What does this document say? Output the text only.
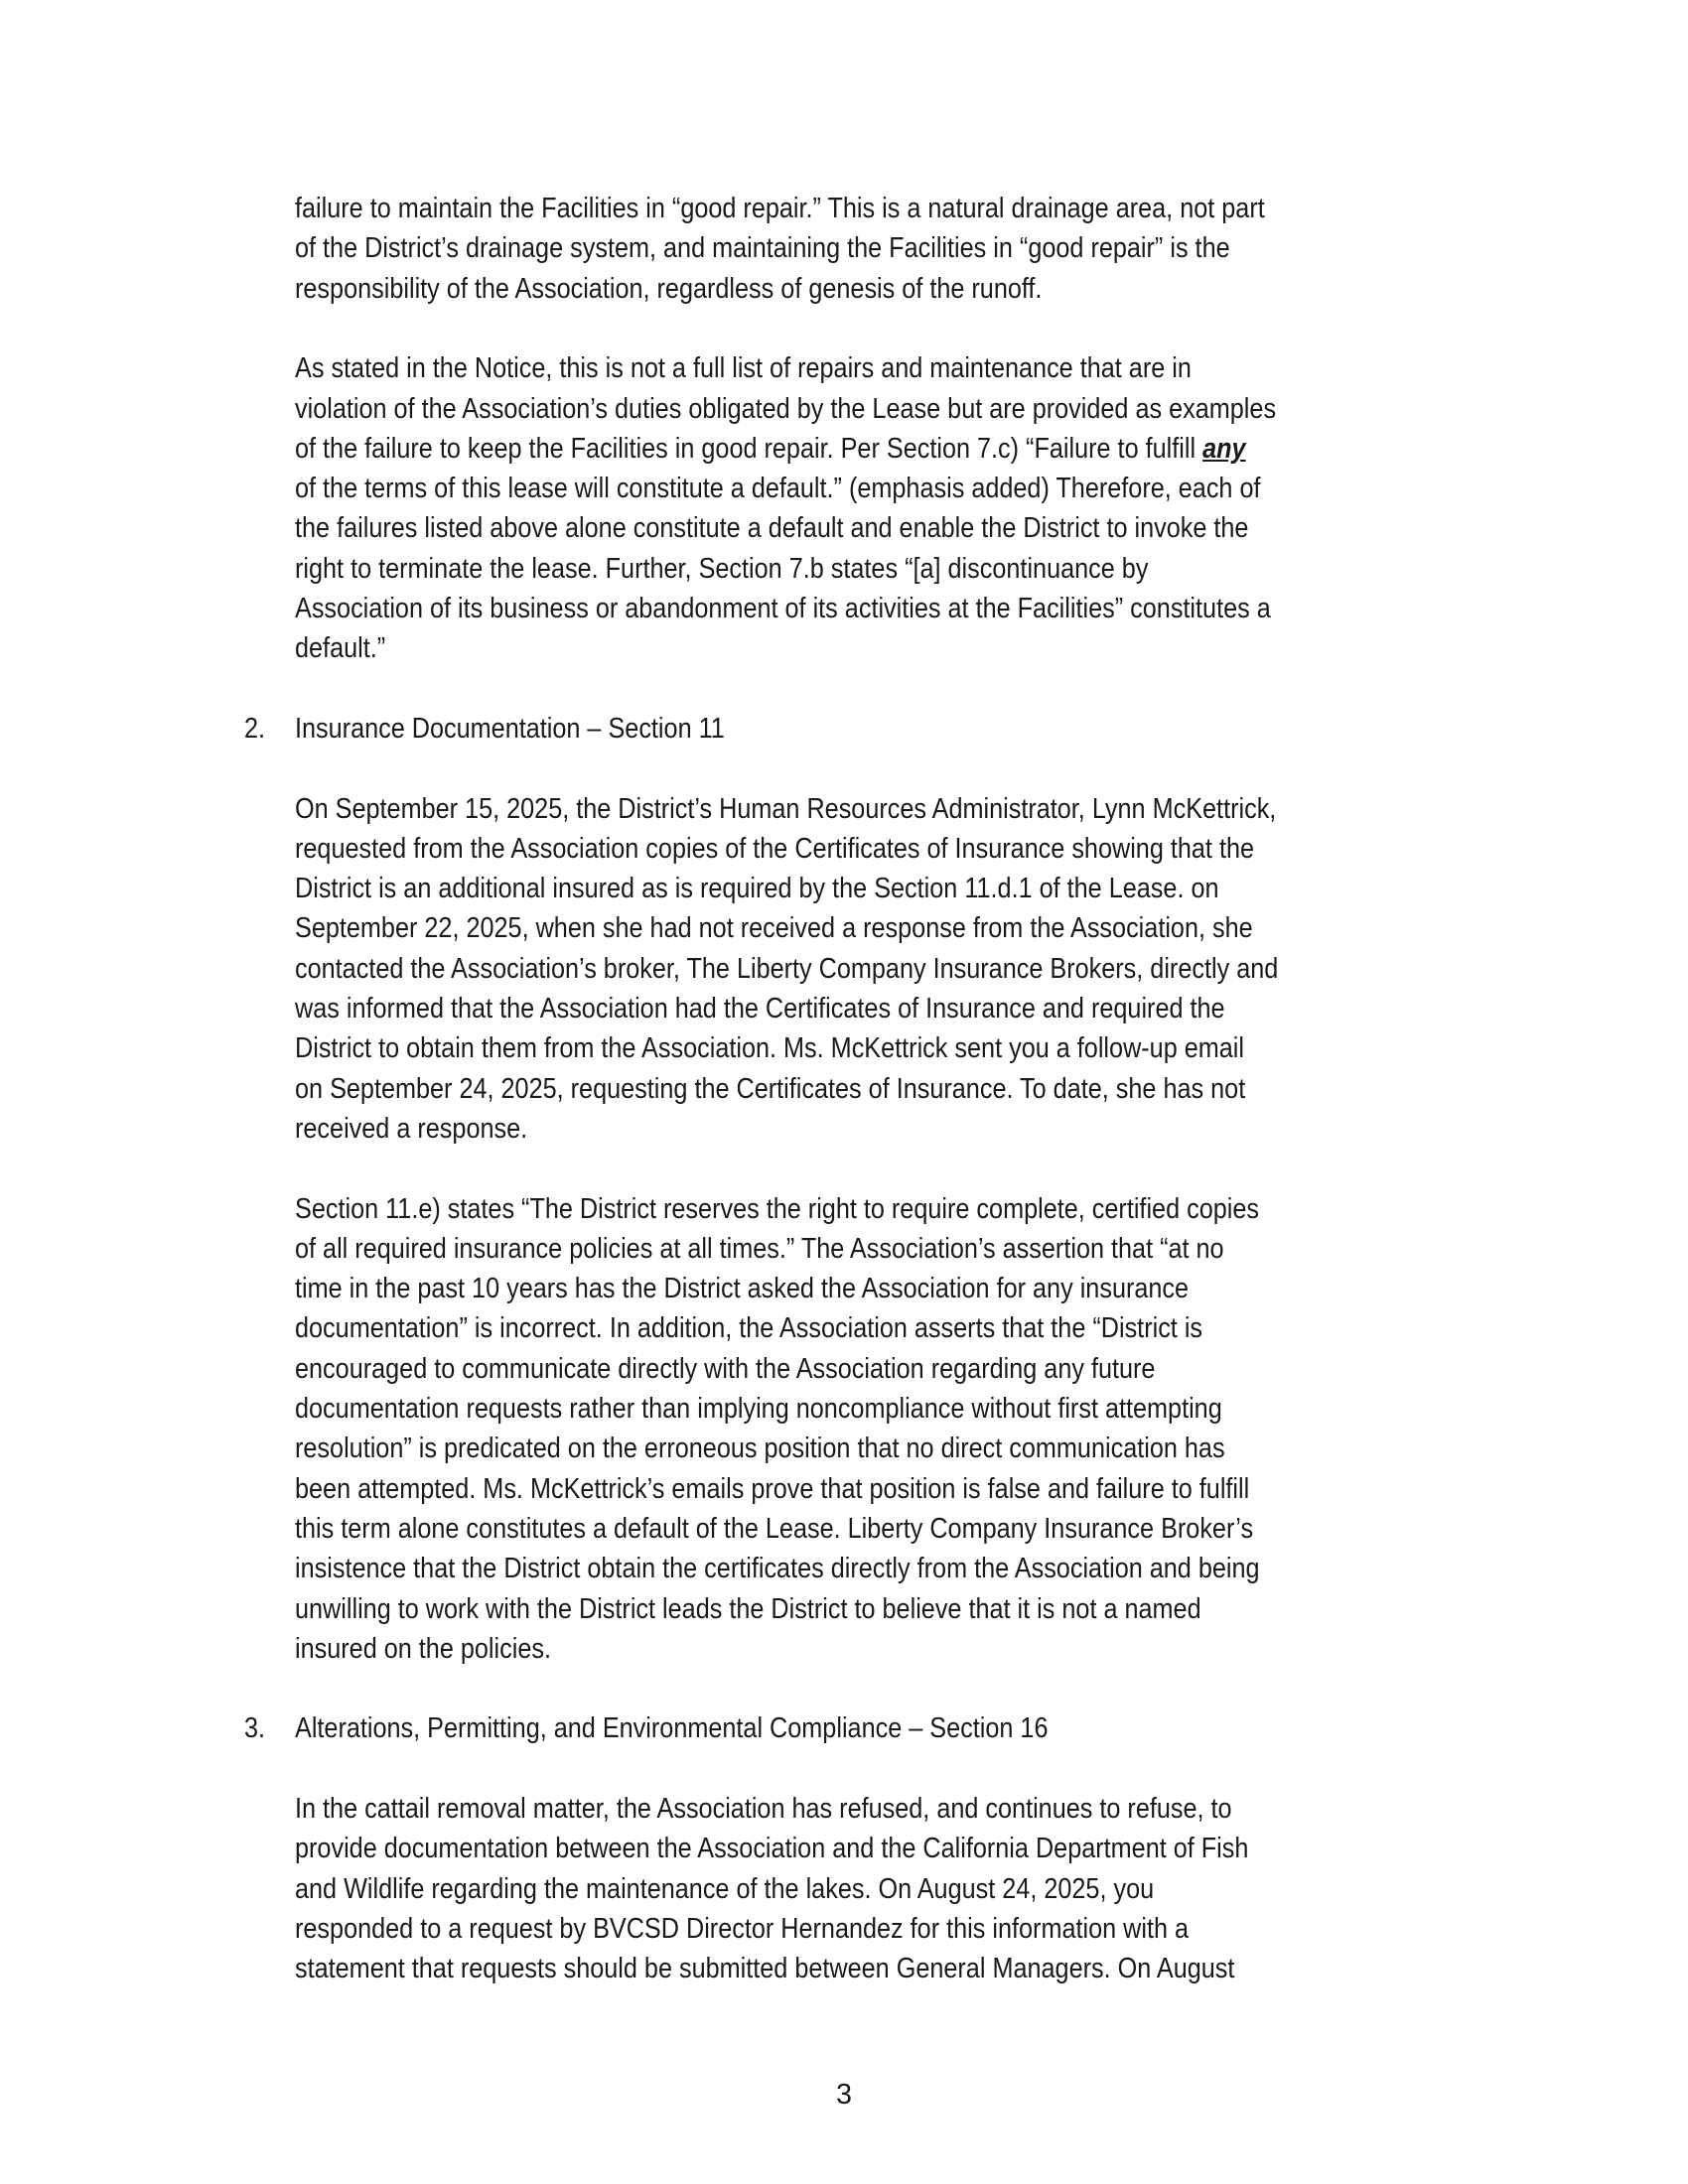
failure to maintain the Facilities in “good repair.” This is a natural drainage area, not part
of the District’s drainage system, and maintaining the Facilities in “good repair” is the
responsibility of the Association, regardless of genesis of the runoff.
As stated in the Notice, this is not a full list of repairs and maintenance that are in
violation of the Association’s duties obligated by the Lease but are provided as examples
of the failure to keep the Facilities in good repair. Per Section 7.c) “Failure to fulfill any
of the terms of this lease will constitute a default.” (emphasis added) Therefore, each of
the failures listed above alone constitute a default and enable the District to invoke the
right to terminate the lease. Further, Section 7.b states “[a] discontinuance by
Association of its business or abandonment of its activities at the Facilities” constitutes a
default.”
2. Insurance Documentation – Section 11
On September 15, 2025, the District’s Human Resources Administrator, Lynn McKettrick,
requested from the Association copies of the Certificates of Insurance showing that the
District is an additional insured as is required by the Section 11.d.1 of the Lease. on
September 22, 2025, when she had not received a response from the Association, she
contacted the Association’s broker, The Liberty Company Insurance Brokers, directly and
was informed that the Association had the Certificates of Insurance and required the
District to obtain them from the Association. Ms. McKettrick sent you a follow-up email
on September 24, 2025, requesting the Certificates of Insurance. To date, she has not
received a response.
Section 11.e) states “The District reserves the right to require complete, certified copies
of all required insurance policies at all times.” The Association’s assertion that “at no
time in the past 10 years has the District asked the Association for any insurance
documentation” is incorrect. In addition, the Association asserts that the “District is
encouraged to communicate directly with the Association regarding any future
documentation requests rather than implying noncompliance without first attempting
resolution” is predicated on the erroneous position that no direct communication has
been attempted. Ms. McKettrick’s emails prove that position is false and failure to fulfill
this term alone constitutes a default of the Lease. Liberty Company Insurance Broker’s
insistence that the District obtain the certificates directly from the Association and being
unwilling to work with the District leads the District to believe that it is not a named
insured on the policies.
3. Alterations, Permitting, and Environmental Compliance – Section 16
In the cattail removal matter, the Association has refused, and continues to refuse, to
provide documentation between the Association and the California Department of Fish
and Wildlife regarding the maintenance of the lakes. On August 24, 2025, you
responded to a request by BVCSD Director Hernandez for this information with a
statement that requests should be submitted between General Managers. On August
3
